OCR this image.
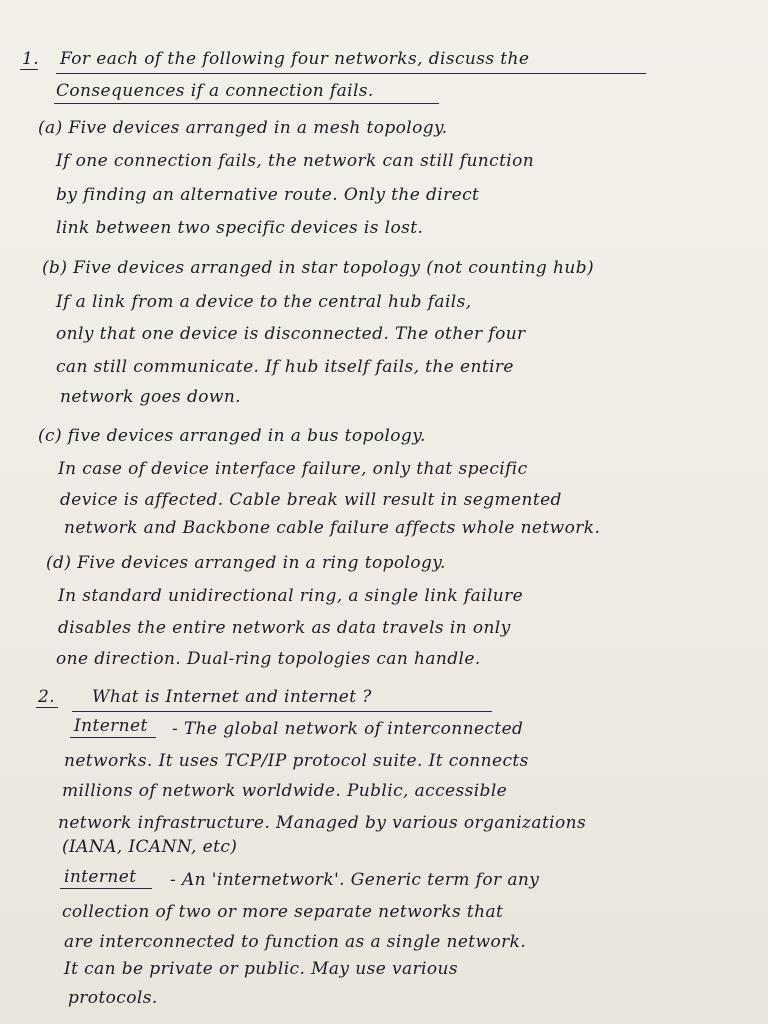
1. For each of the following four networks, discuss the
Consequences if a connection fails.
(a) Five devices arranged in a mesh topology.
If one connection fails, the network can still function
by finding an alternative route. Only the direct
link between two specific devices is lost.
(b) Five devices arranged in star topology (not counting hub)
If a link from a device to the central hub fails,
only that one device is disconnected. The other four
can still communicate. If hub itself fails, the entire
network goes down.
(c) five devices arranged in a bus topology.
In case of device interface failure, only that specific
device is affected. Cable break will result in segmented
network and Backbone cable failure affects whole network.
(d) Five devices arranged in a ring topology.
In standard unidirectional ring, a single link failure
disables the entire network as data travels in only
one direction. Dual-ring topologies can handle.
2. What is Internet and internet ?
Internet - The global network of interconnected
networks. It uses TCP/IP protocol suite. It connects
millions of network worldwide. Public, accessible
network infrastructure. Managed by various organizations
(IANA, ICANN, etc)
internet - An 'internetwork'. Generic term for any
collection of two or more separate networks that
are interconnected to function as a single network.
It can be private or public. May use various
protocols.
